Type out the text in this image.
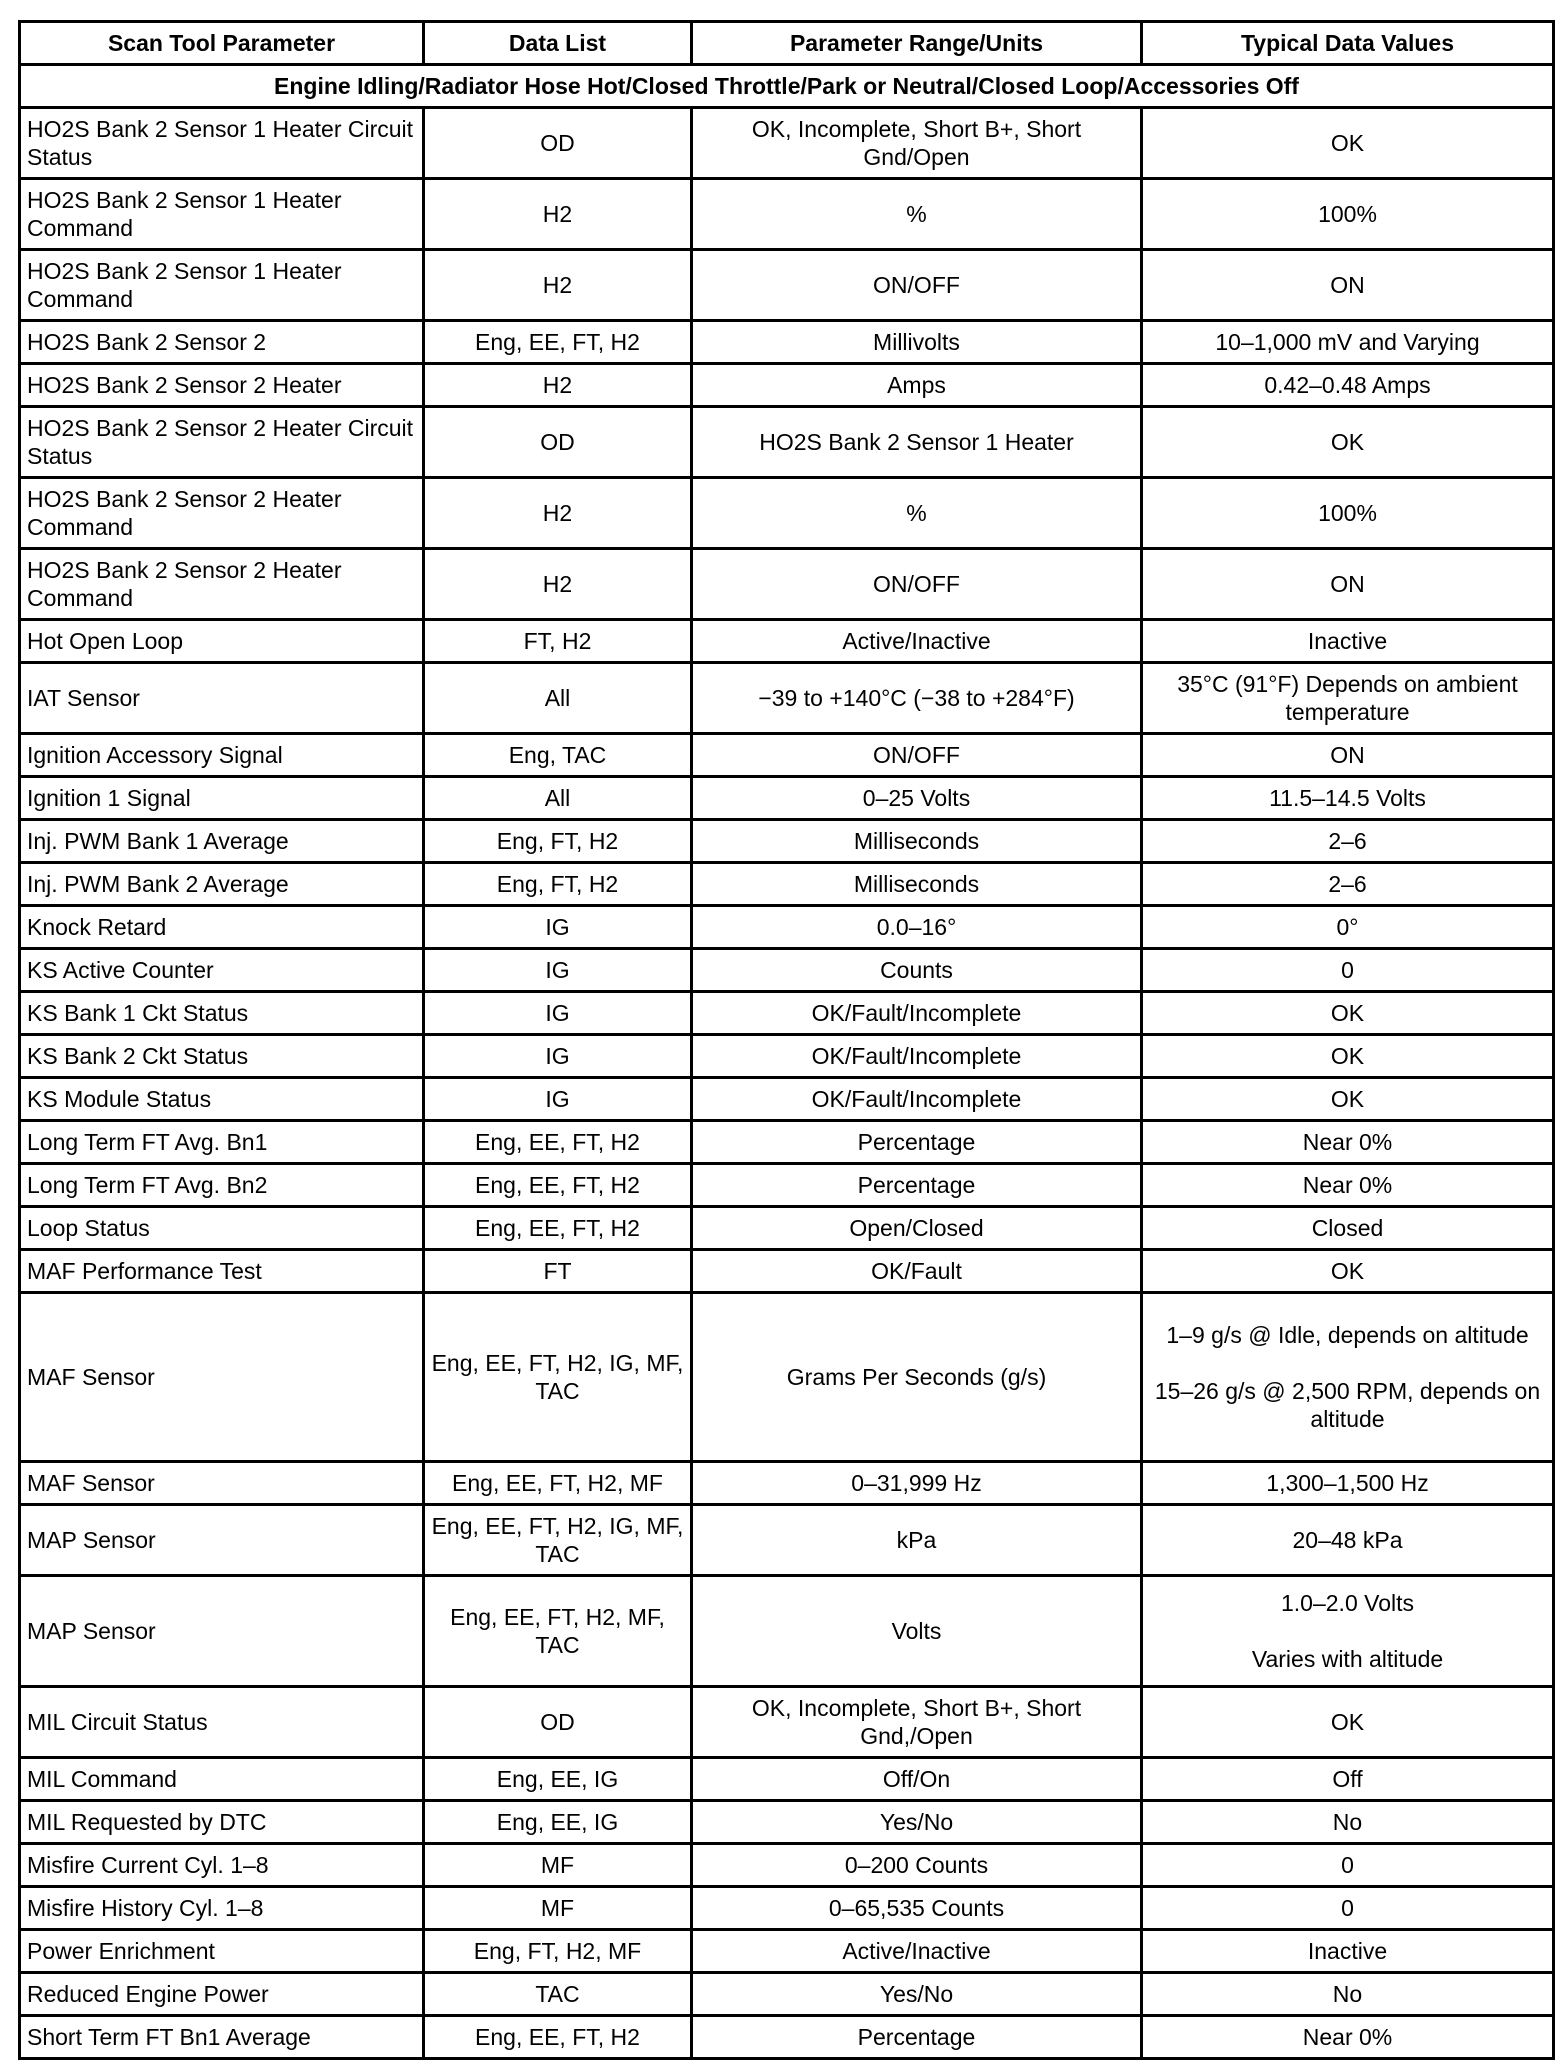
Scan Tool Parameter	Data List	Parameter Range/Units	Typical Data Values
Engine Idling/Radiator Hose Hot/Closed Throttle/Park or Neutral/Closed Loop/Accessories Off			
HO2S Bank 2 Sensor 1 Heater Circuit Status	OD	OK, Incomplete, Short B+, Short Gnd/Open	OK
HO2S Bank 2 Sensor 1 Heater Command	H2	%	100%
HO2S Bank 2 Sensor 1 Heater Command	H2	ON/OFF	ON
HO2S Bank 2 Sensor 2	Eng, EE, FT, H2	Millivolts	10–1,000 mV and Varying
HO2S Bank 2 Sensor 2 Heater	H2	Amps	0.42–0.48 Amps
HO2S Bank 2 Sensor 2 Heater Circuit Status	OD	HO2S Bank 2 Sensor 1 Heater	OK
HO2S Bank 2 Sensor 2 Heater Command	H2	%	100%
HO2S Bank 2 Sensor 2 Heater Command	H2	ON/OFF	ON
Hot Open Loop	FT, H2	Active/Inactive	Inactive
IAT Sensor	All	−39 to +140°C (−38 to +284°F)	35°C (91°F) Depends on ambient temperature
Ignition Accessory Signal	Eng, TAC	ON/OFF	ON
Ignition 1 Signal	All	0–25 Volts	11.5–14.5 Volts
Inj. PWM Bank 1 Average	Eng, FT, H2	Milliseconds	2–6
Inj. PWM Bank 2 Average	Eng, FT, H2	Milliseconds	2–6
Knock Retard	IG	0.0–16°	0°
KS Active Counter	IG	Counts	0
KS Bank 1 Ckt Status	IG	OK/Fault/Incomplete	OK
KS Bank 2 Ckt Status	IG	OK/Fault/Incomplete	OK
KS Module Status	IG	OK/Fault/Incomplete	OK
Long Term FT Avg. Bn1	Eng, EE, FT, H2	Percentage	Near 0%
Long Term FT Avg. Bn2	Eng, EE, FT, H2	Percentage	Near 0%
Loop Status	Eng, EE, FT, H2	Open/Closed	Closed
MAF Performance Test	FT	OK/Fault	OK
MAF Sensor	Eng, EE, FT, H2, IG, MF, TAC	Grams Per Seconds (g/s)	1–9 g/s @ Idle, depends on altitude

15–26 g/s @ 2,500 RPM, depends on altitude
MAF Sensor	Eng, EE, FT, H2, MF	0–31,999 Hz	1,300–1,500 Hz
MAP Sensor	Eng, EE, FT, H2, IG, MF, TAC	kPa	20–48 kPa
MAP Sensor	Eng, EE, FT, H2, MF, TAC	Volts	1.0–2.0 Volts

Varies with altitude
MIL Circuit Status	OD	OK, Incomplete, Short B+, Short Gnd,/Open	OK
MIL Command	Eng, EE, IG	Off/On	Off
MIL Requested by DTC	Eng, EE, IG	Yes/No	No
Misfire Current Cyl. 1–8	MF	0–200 Counts	0
Misfire History Cyl. 1–8	MF	0–65,535 Counts	0
Power Enrichment	Eng, FT, H2, MF	Active/Inactive	Inactive
Reduced Engine Power	TAC	Yes/No	No
Short Term FT Bn1 Average	Eng, EE, FT, H2	Percentage	Near 0%
